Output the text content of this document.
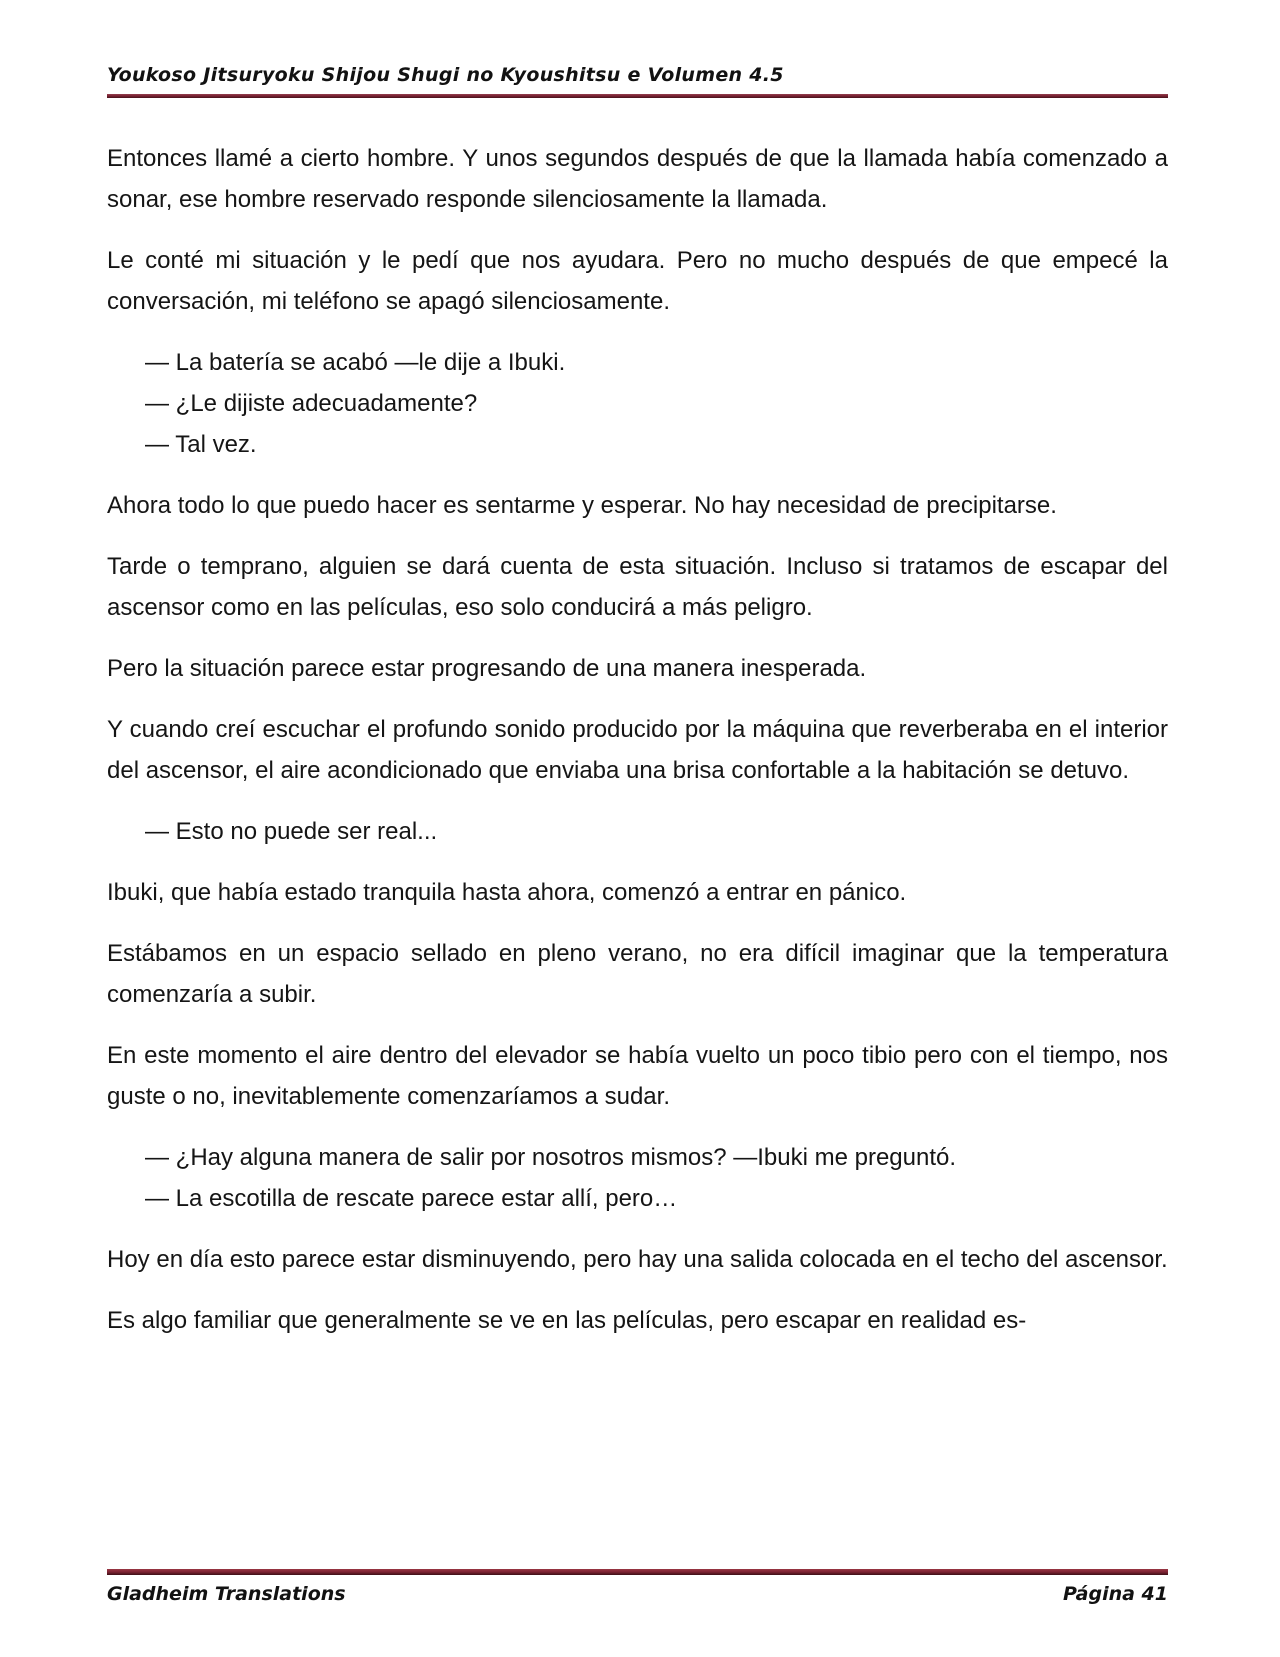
Youkoso Jitsuryoku Shijou Shugi no Kyoushitsu e Volumen 4.5

Entonces llamé a cierto hombre. Y unos segundos después de que la llamada había comenzado a sonar, ese hombre reservado responde silenciosamente la llamada.

Le conté mi situación y le pedí que nos ayudara. Pero no mucho después de que empecé la conversación, mi teléfono se apagó silenciosamente.

— La batería se acabó —le dije a Ibuki.

— ¿Le dijiste adecuadamente?

— Tal vez.

Ahora todo lo que puedo hacer es sentarme y esperar. No hay necesidad de precipitarse.

Tarde o temprano, alguien se dará cuenta de esta situación. Incluso si tratamos de escapar del ascensor como en las películas, eso solo conducirá a más peligro.

Pero la situación parece estar progresando de una manera inesperada.

Y cuando creí escuchar el profundo sonido producido por la máquina que reverberaba en el interior del ascensor, el aire acondicionado que enviaba una brisa confortable a la habitación se detuvo.

— Esto no puede ser real...

Ibuki, que había estado tranquila hasta ahora, comenzó a entrar en pánico.

Estábamos en un espacio sellado en pleno verano, no era difícil imaginar que la temperatura comenzaría a subir.

En este momento el aire dentro del elevador se había vuelto un poco tibio pero con el tiempo, nos guste o no, inevitablemente comenzaríamos a sudar.

— ¿Hay alguna manera de salir por nosotros mismos? —Ibuki me preguntó.

— La escotilla de rescate parece estar allí, pero…

Hoy en día esto parece estar disminuyendo, pero hay una salida colocada en el techo del ascensor.

Es algo familiar que generalmente se ve en las películas, pero escapar en realidad es-

Gladheim Translations	Página 41
